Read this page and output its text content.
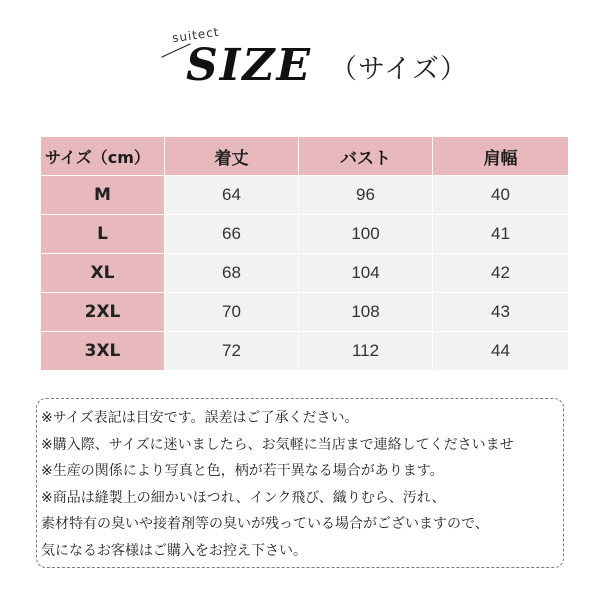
suitect
SIZE （サイズ）
サイズ（cm）	着丈	バスト	肩幅
M	64	96	40
L	66	100	41
XL	68	104	42
2XL	70	108	43
3XL	72	112	44
※サイズ表記は目安です。誤差はご了承ください。
※購入際、サイズに迷いましたら、お気軽に当店まで連絡してくださいませ
※生産の関係により写真と色，柄が若干異なる場合があります。
※商品は縫製上の細かいほつれ、インク飛び、織りむら、汚れ、
素材特有の臭いや接着剤等の臭いが残っている場合がございますので、
気になるお客様はご購入をお控え下さい。
